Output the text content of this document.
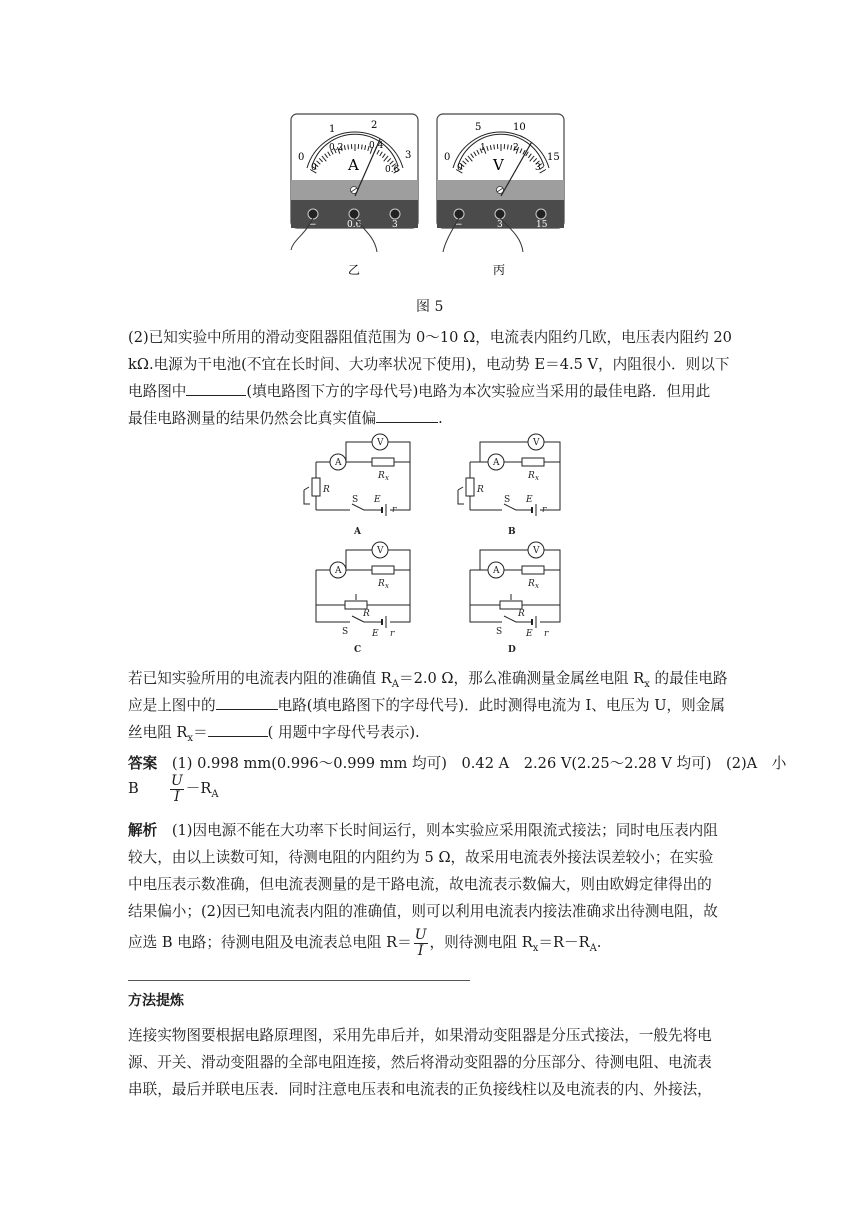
A
0
1	2
3
0
0.2	0.4
0.6
−	0.6	3
V
0
5	10
15
0
1	2
3
−	3	15
乙	丙
图 5
(2)已知实验中所用的滑动变阻器阻值范围为 0～10 Ω，电流表内阻约几欧，电压表内阻约 20
kΩ.电源为干电池(不宜在长时间、大功率状况下使用)，电动势 E＝4.5 V，内阻很小．则以下
电路图中	(填电路图下方的字母代号)电路为本次实验应当采用的最佳电路．但用此
最佳电路测量的结果仍然会比真实值偏	.
A
V
R x
R
S E
r
A
A
V
R x
R
S E
r
B
A
V
R x
R
S	E r
C
A
V
R x
R
S	E r
D
若已知实验所用的电流表内阻的准确值 $R_A=2.0$ Ω，那么准确测量金属丝电阻 $R_x$ 的最佳电路
应是上图中的	电路(填电路图下的字母代号)．此时测得电流为 I、电压为 U，则金属
丝电阻 $R_x=$	( 用题中字母代号表示).
答案　 (1) 0.998 mm(0.996～0.999 mm 均可)　0.42 A　2.26 V(2.25～2.28 V 均可)　(2)A　小
B　　 $\frac{U}{I} -R_A$
解析　 (1)因电源不能在大功率下长时间运行，则本实验应采用限流式接法；同时电压表内阻
较大，由以上读数可知，待测电阻的内阻约为 5 Ω，故采用电流表外接法误差较小；在实验
中电压表示数准确，但电流表测量的是干路电流，故电流表示数偏大，则由欧姆定律得出的
结果偏小；(2)因已知电流表内阻的准确值，则可以利用电流表内接法准确求出待测电阻，故
应选 B 电路；待测电阻及电流表总电阻 $R= \frac{U}{I}$ ，则待测电阻 $R_x=R-R_A$.
方法提炼
连接实物图要根据电路原理图，采用先串后并，如果滑动变阻器是分压式接法，一般先将电
源、开关、滑动变阻器的全部电阻连接，然后将滑动变阻器的分压部分、待测电阻、电流表
串联，最后并联电压表．同时注意电压表和电流表的正负接线柱以及电流表的内、外接法，
